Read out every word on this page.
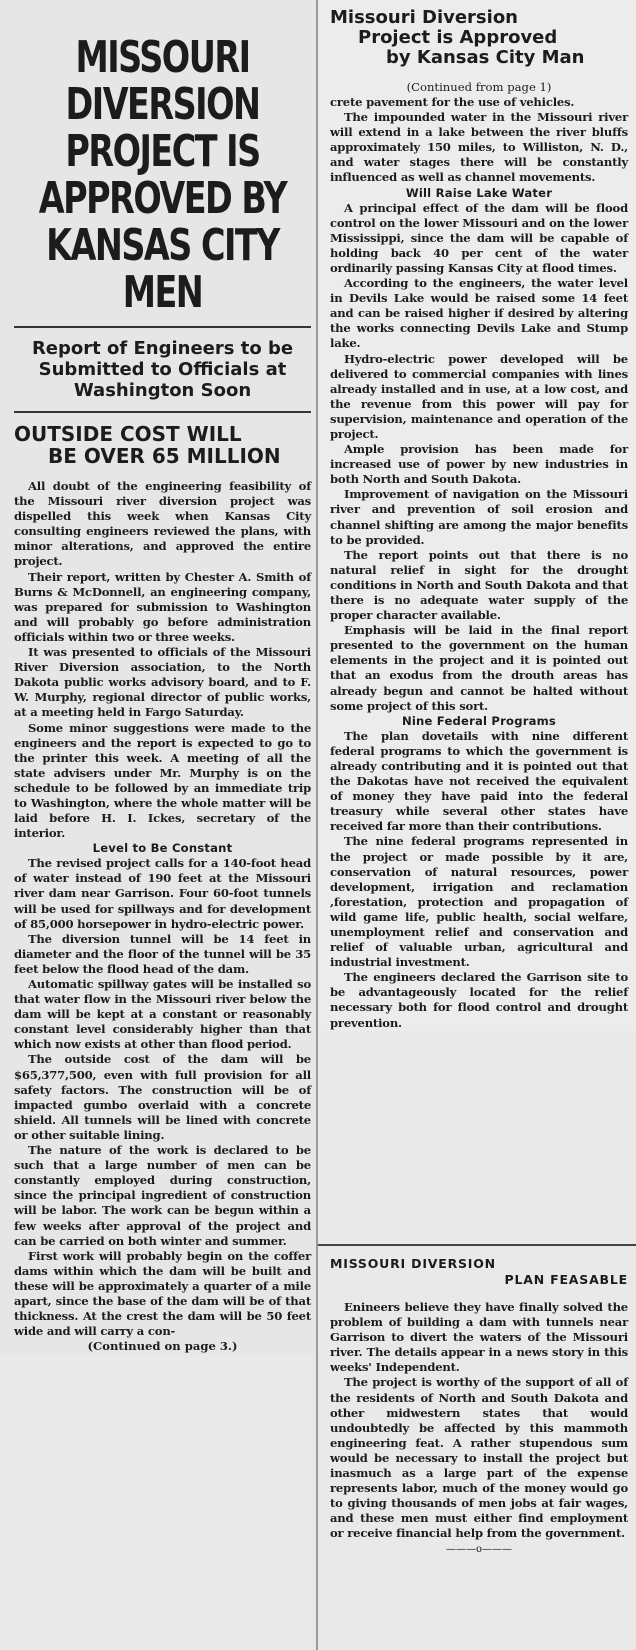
MISSOURI DIVERSION PROJECT IS APPROVED BY KANSAS CITY MEN
Report of Engineers to be Submitted to Officials at Washington Soon
OUTSIDE COST WILL
BE OVER 65 MILLION

All doubt of the engineering feasibility of the Missouri river diversion project was dispelled this week when Kansas City consulting engineers reviewed the plans, with minor alterations, and approved the entire project.

Their report, written by Chester A. Smith of Burns & McDonnell, an engineering company, was prepared for submission to Washington and will probably go before administration officials within two or three weeks.

It was presented to officials of the Missouri River Diversion association, to the North Dakota public works advisory board, and to F. W. Murphy, regional director of public works, at a meeting held in Fargo Saturday.

Some minor suggestions were made to the engineers and the report is expected to go to the printer this week. A meeting of all the state advisers under Mr. Murphy is on the schedule to be followed by an immediate trip to Washington, where the whole matter will be laid before H. I. Ickes, secretary of the interior.

Level to Be Constant

The revised project calls for a 140-foot head of water instead of 190 feet at the Missouri river dam near Garrison. Four 60-foot tunnels will be used for spillways and for development of 85,000 horsepower in hydro-electric power.

The diversion tunnel will be 14 feet in diameter and the floor of the tunnel will be 35 feet below the flood head of the dam.

Automatic spillway gates will be installed so that water flow in the Missouri river below the dam will be kept at a constant or reasonably constant level considerably higher than that which now exists at other than flood period.

The outside cost of the dam will be $65,377,500, even with full provision for all safety factors. The construction will be of impacted gumbo overlaid with a concrete shield. All tunnels will be lined with concrete or other suitable lining.

The nature of the work is declared to be such that a large number of men can be constantly employed during construction, since the principal ingredient of construction will be labor. The work can be begun within a few weeks after approval of the project and can be carried on both winter and summer.

First work will probably begin on the coffer dams within which the dam will be built and these will be approximately a quarter of a mile apart, since the base of the dam will be of that thickness. At the crest the dam will be 50 feet wide and will carry a con-

(Continued on page 3.)
Missouri Diversion
Project is Approved
by Kansas City Man
(Continued from page 1)

crete pavement for the use of vehicles.

The impounded water in the Missouri river will extend in a lake between the river bluffs approximately 150 miles, to Williston, N. D., and water stages there will be constantly influenced as well as channel movements.

Will Raise Lake Water

A principal effect of the dam will be flood control on the lower Missouri and on the lower Mississippi, since the dam will be capable of holding back 40 per cent of the water ordinarily passing Kansas City at flood times.

According to the engineers, the water level in Devils Lake would be raised some 14 feet and can be raised higher if desired by altering the works connecting Devils Lake and Stump lake.

Hydro-electric power developed will be delivered to commercial companies with lines already installed and in use, at a low cost, and the revenue from this power will pay for supervision, maintenance and operation of the project.

Ample provision has been made for increased use of power by new industries in both North and South Dakota.

Improvement of navigation on the Missouri river and prevention of soil erosion and channel shifting are among the major benefits to be provided.

The report points out that there is no natural relief in sight for the drought conditions in North and South Dakota and that there is no adequate water supply of the proper character available.

Emphasis will be laid in the final report presented to the government on the human elements in the project and it is pointed out that an exodus from the drouth areas has already begun and cannot be halted without some project of this sort.

Nine Federal Programs

The plan dovetails with nine different federal programs to which the government is already contributing and it is pointed out that the Dakotas have not received the equivalent of money they have paid into the federal treasury while several other states have received far more than their contributions.

The nine federal programs represented in the project or made possible by it are, conservation of natural resources, power development, irrigation and reclamation ,forestation, protection and propagation of wild game life, public health, social welfare, unemployment relief and conservation and relief of valuable urban, agricultural and industrial investment.

The engineers declared the Garrison site to be advantageously located for the relief necessary both for flood control and drought prevention.

MISSOURI DIVERSION
PLAN FEASABLE

Enineers believe they have finally solved the problem of building a dam with tunnels near Garrison to divert the waters of the Missouri river. The details appear in a news story in this weeks' Independent.

The project is worthy of the support of all of the residents of North and South Dakota and other midwestern states that would undoubtedly be affected by this mammoth engineering feat. A rather stupendous sum would be necessary to install the project but inasmuch as a large part of the expense represents labor, much of the money would go to giving thousands of men jobs at fair wages, and these men must either find employment or receive financial help from the government.

———o———
